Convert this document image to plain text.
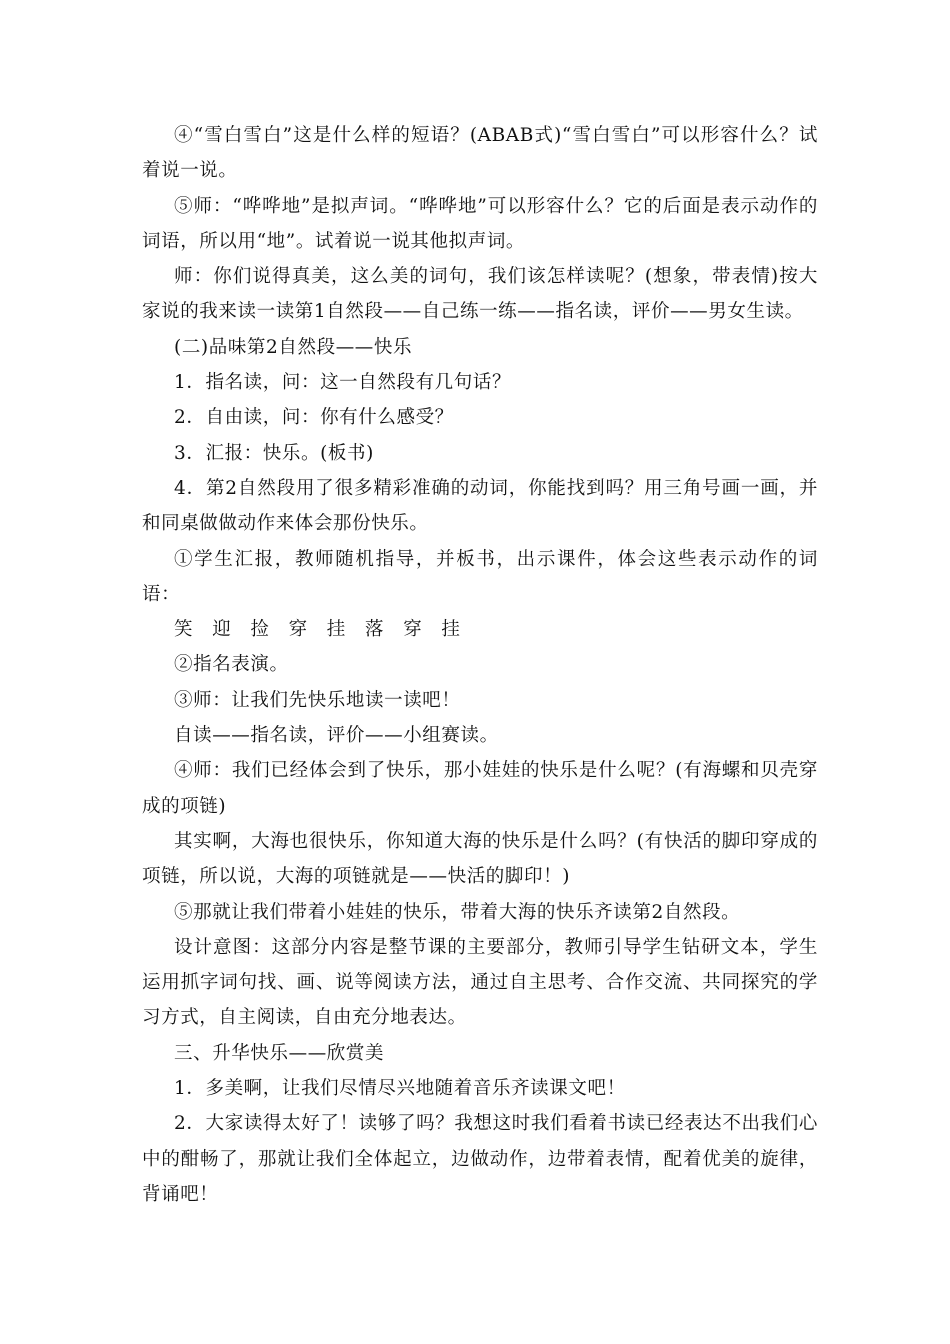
④“雪白雪白”这是什么样的短语？(ABAB式)“雪白雪白”可以形容什么？试着说一说。

⑤师：“哗哗地”是拟声词。“哗哗地”可以形容什么？它的后面是表示动作的词语，所以用“地”。试着说一说其他拟声词。

师：你们说得真美，这么美的词句，我们该怎样读呢？(想象，带表情)按大家说的我来读一读第1自然段——自己练一练——指名读，评价——男女生读。

(二)品味第2自然段——快乐

1．指名读，问：这一自然段有几句话？

2．自由读，问：你有什么感受？

3．汇报：快乐。(板书)

4．第2自然段用了很多精彩准确的动词，你能找到吗？用三角号画一画，并和同桌做做动作来体会那份快乐。

①学生汇报，教师随机指导，并板书，出示课件，体会这些表示动作的词语：

笑　迎　捡　穿　挂　落　穿　挂

②指名表演。

③师：让我们先快乐地读一读吧！

自读——指名读，评价——小组赛读。

④师：我们已经体会到了快乐，那小娃娃的快乐是什么呢？(有海螺和贝壳穿成的项链)

其实啊，大海也很快乐，你知道大海的快乐是什么吗？(有快活的脚印穿成的项链，所以说，大海的项链就是——快活的脚印！)

⑤那就让我们带着小娃娃的快乐，带着大海的快乐齐读第2自然段。

设计意图：这部分内容是整节课的主要部分，教师引导学生钻研文本，学生运用抓字词句找、画、说等阅读方法，通过自主思考、合作交流、共同探究的学习方式，自主阅读，自由充分地表达。

三、升华快乐——欣赏美

1．多美啊，让我们尽情尽兴地随着音乐齐读课文吧！

2．大家读得太好了！读够了吗？我想这时我们看着书读已经表达不出我们心中的酣畅了，那就让我们全体起立，边做动作，边带着表情，配着优美的旋律，背诵吧！
